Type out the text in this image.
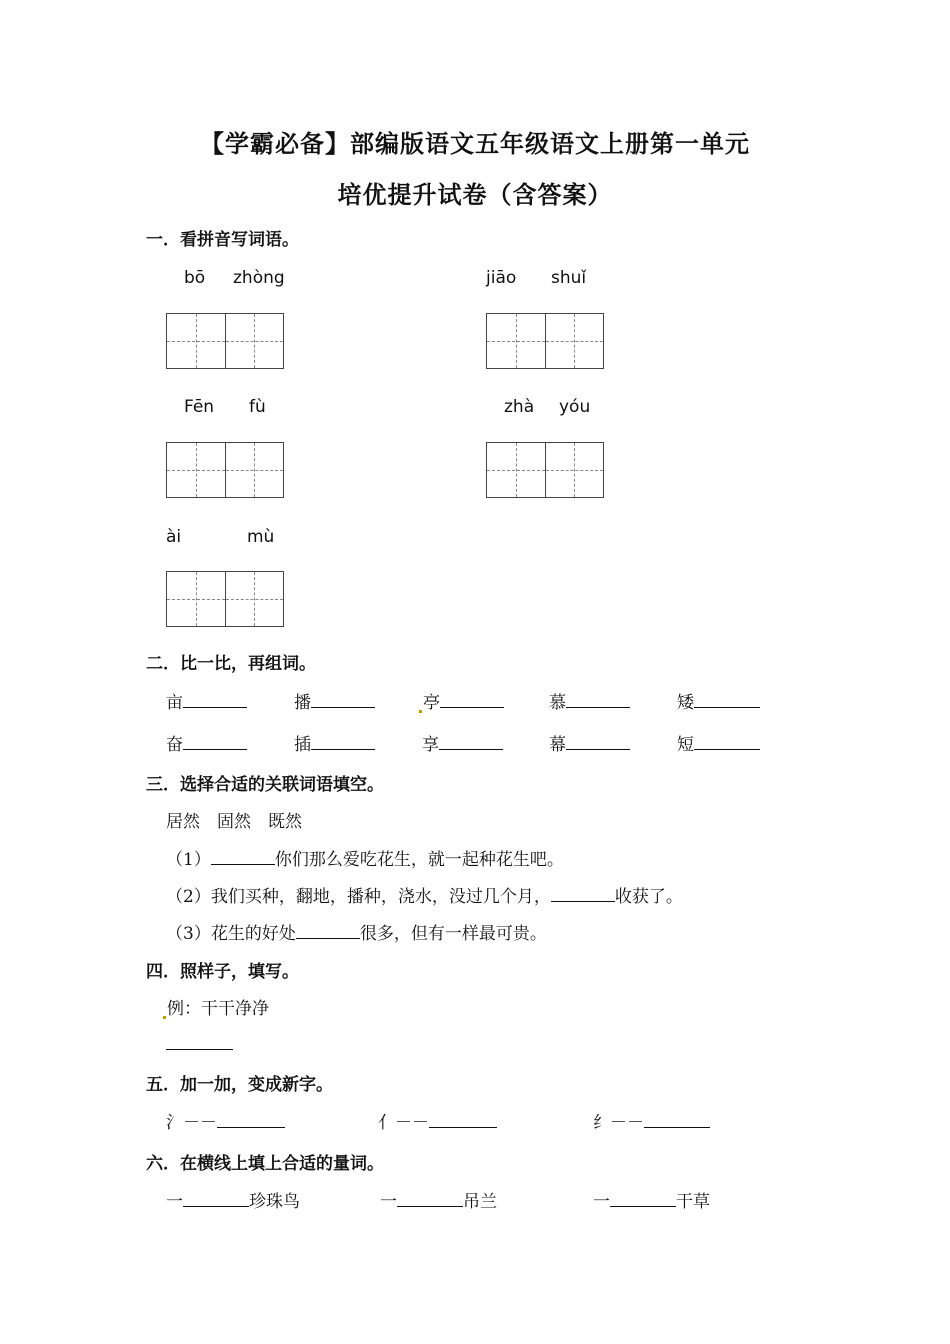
【学霸必备】部编版语文五年级语文上册第一单元
培优提升试卷（含答案）
一．看拼音写词语。
bō zhòng	jiāo shuǐ
Fēn fù	zhà yóu
ài	mù
二．比一比，再组词。
亩	播	亭	慕	矮
奋	插	享	幕	短
三．选择合适的关联词语填空。
居然　固然　既然
（1）	你们那么爱吃花生，就一起种花生吧。
（2）我们买种，翻地，播种，浇水，没过几个月，	收获了。
（3）花生的好处	很多，但有一样最可贵。
四．照样子，填写。
例：干干净净
五．加一加，变成新字。
氵－－	亻－－	纟－－
六．在横线上填上合适的量词。
一	珍珠鸟	一	吊兰	一	干草
